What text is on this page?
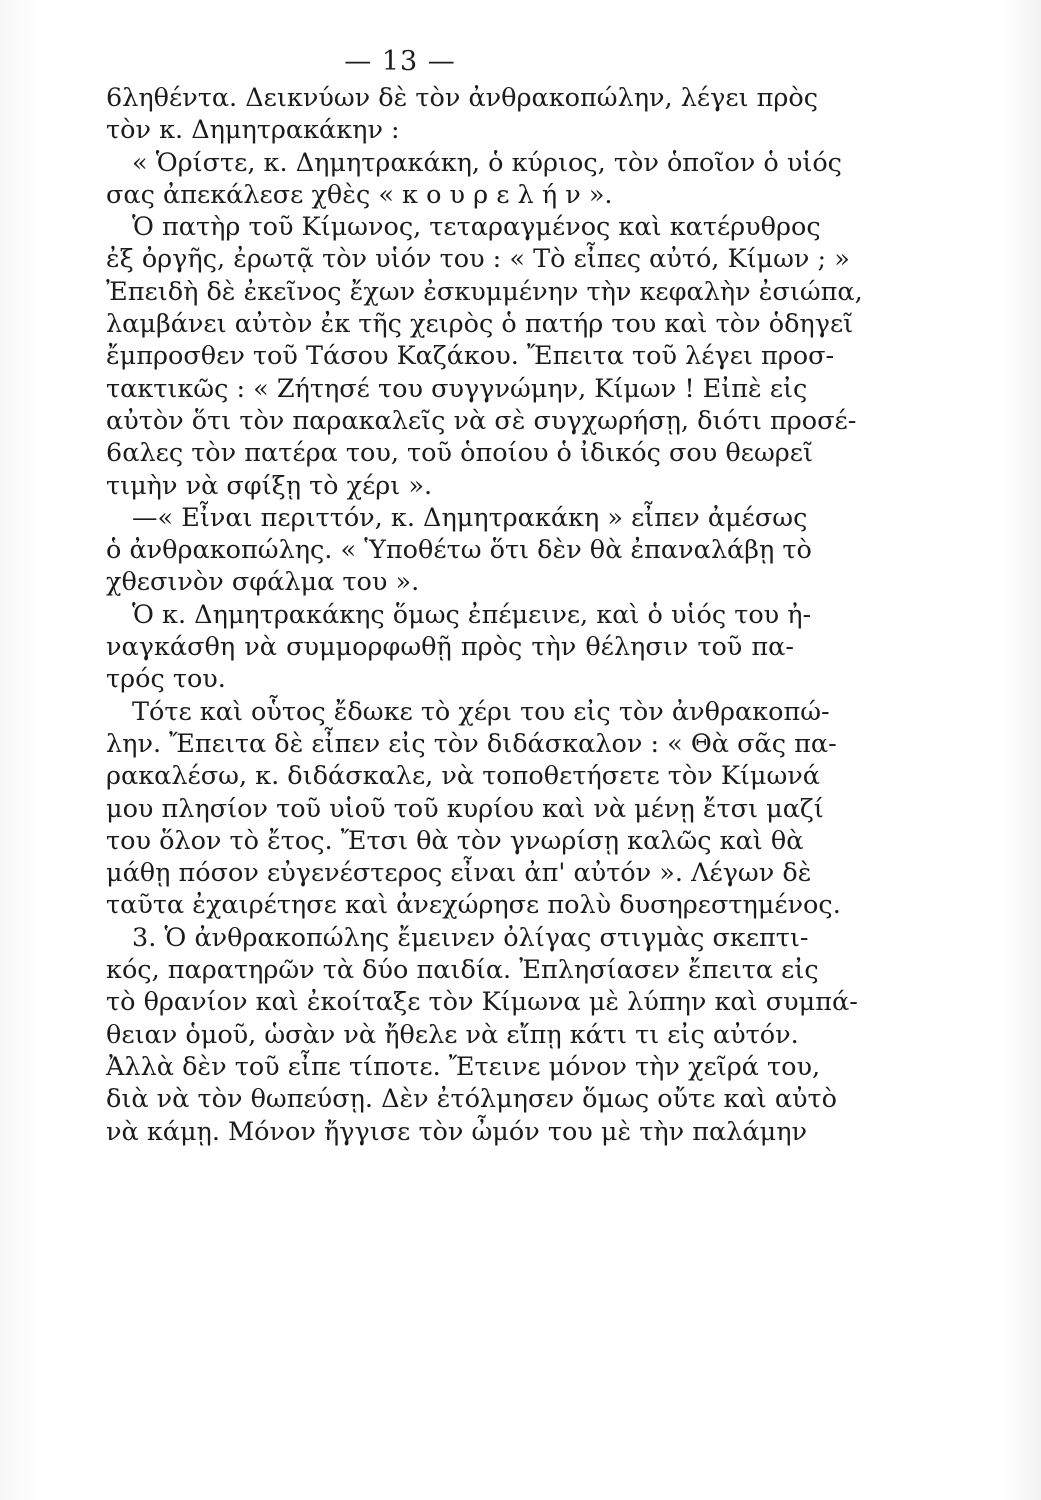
— 13 —
6ληθέντα. Δεικνύων δὲ τὸν ἀνθρακοπώλην, λέγει πρὸς
τὸν κ. Δημητρακάκην :
« Ὁρίστε, κ. Δημητρακάκη, ὁ κύριος, τὸν ὁποῖον ὁ υἱός
σας ἀπεκάλεσε χθὲς « κ ο υ ρ ε λ ή ν ».
Ὁ πατὴρ τοῦ Κίμωνος, τεταραγμένος καὶ κατέρυθρος
ἐξ ὀργῆς, ἐρωτᾷ τὸν υἱόν του : « Τὸ εἶπες αὐτό, Κίμων ; »
Ἐπειδὴ δὲ ἐκεῖνος ἔχων ἐσκυμμένην τὴν κεφαλὴν ἐσιώπα,
λαμβάνει αὐτὸν ἐκ τῆς χειρὸς ὁ πατήρ του καὶ τὸν ὁδηγεῖ
ἔμπροσθεν τοῦ Τάσου Καζάκου. Ἔπειτα τοῦ λέγει προσ-
τακτικῶς : « Ζήτησέ του συγγνώμην, Κίμων ! Εἰπὲ εἰς
αὐτὸν ὅτι τὸν παρακαλεῖς νὰ σὲ συγχωρήσῃ, διότι προσέ-
6αλες τὸν πατέρα του, τοῦ ὁποίου ὁ ἰδικός σου θεωρεῖ
τιμὴν νὰ σφίξῃ τὸ χέρι ».
—« Εἶναι περιττόν, κ. Δημητρακάκη » εἶπεν ἀμέσως
ὁ ἀνθρακοπώλης. « Ὑποθέτω ὅτι δὲν θὰ ἐπαναλάβῃ τὸ
χθεσινὸν σφάλμα του ».
Ὁ κ. Δημητρακάκης ὅμως ἐπέμεινε, καὶ ὁ υἱός του ἠ-
ναγκάσθη νὰ συμμορφωθῇ πρὸς τὴν θέλησιν τοῦ πα-
τρός του.
Τότε καὶ οὗτος ἔδωκε τὸ χέρι του εἰς τὸν ἀνθρακοπώ-
λην. Ἔπειτα δὲ εἶπεν εἰς τὸν διδάσκαλον : « Θὰ σᾶς πα-
ρακαλέσω, κ. διδάσκαλε, νὰ τοποθετήσετε τὸν Κίμωνά
μου πλησίον τοῦ υἱοῦ τοῦ κυρίου καὶ νὰ μένῃ ἔτσι μαζί
του ὅλον τὸ ἔτος. Ἔτσι θὰ τὸν γνωρίσῃ καλῶς καὶ θὰ
μάθῃ πόσον εὐγενέστερος εἶναι ἀπ' αὐτόν ». Λέγων δὲ
ταῦτα ἐχαιρέτησε καὶ ἀνεχώρησε πολὺ δυσηρεστημένος.
3. Ὁ ἀνθρακοπώλης ἔμεινεν ὀλίγας στιγμὰς σκεπτι-
κός, παρατηρῶν τὰ δύο παιδία. Ἐπλησίασεν ἔπειτα εἰς
τὸ θρανίον καὶ ἐκοίταξε τὸν Κίμωνα μὲ λύπην καὶ συμπά-
θειαν ὁμοῦ, ὡσὰν νὰ ἤθελε νὰ εἴπῃ κάτι τι εἰς αὐτόν.
Ἀλλὰ δὲν τοῦ εἶπε τίποτε. Ἔτεινε μόνον τὴν χεῖρά του,
διὰ νὰ τὸν θωπεύσῃ. Δὲν ἐτόλμησεν ὅμως οὔτε καὶ αὐτὸ
νὰ κάμῃ. Μόνον ἤγγισε τὸν ὦμόν του μὲ τὴν παλάμην
